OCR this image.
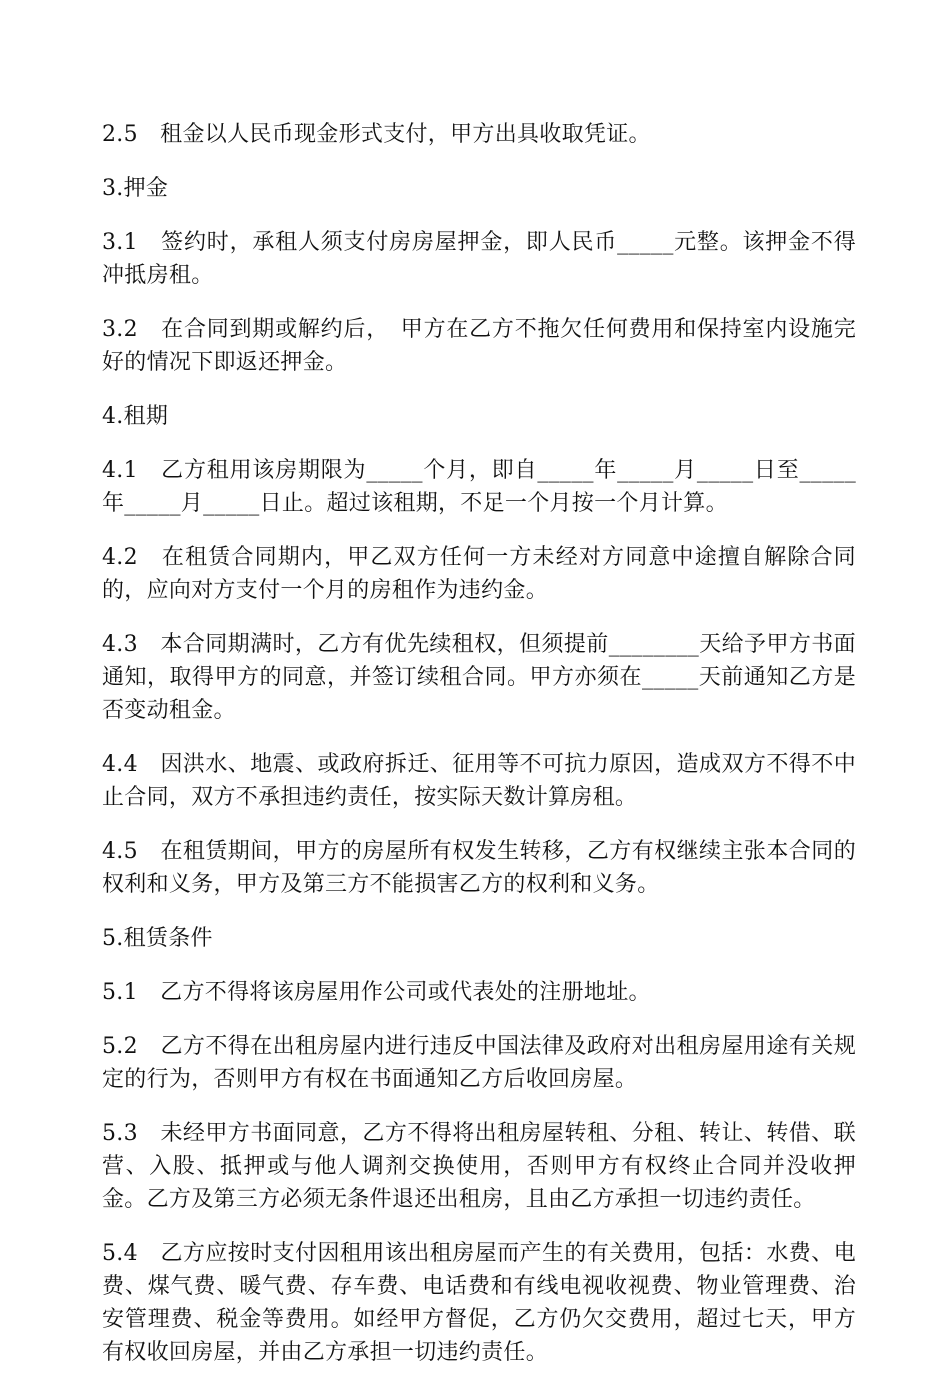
2.5　租金以人民币现金形式支付，甲方出具收取凭证。

3.押金

3.1　签约时，承租人须支付房房屋押金，即人民币_____元整。该押金不得冲抵房租。

3.2　在合同到期或解约后，　甲方在乙方不拖欠任何费用和保持室内设施完好的情况下即返还押金。

4.租期

4.1　乙方租用该房期限为_____个月，即自_____年_____月_____日至_____年_____月_____日止。超过该租期，不足一个月按一个月计算。

4.2　在租赁合同期内，甲乙双方任何一方未经对方同意中途擅自解除合同的，应向对方支付一个月的房租作为违约金。

4.3　本合同期满时，乙方有优先续租权，但须提前________天给予甲方书面通知，取得甲方的同意，并签订续租合同。甲方亦须在_____天前通知乙方是否变动租金。

4.4　因洪水、地震、或政府拆迁、征用等不可抗力原因，造成双方不得不中止合同，双方不承担违约责任，按实际天数计算房租。

4.5　在租赁期间，甲方的房屋所有权发生转移，乙方有权继续主张本合同的权利和义务，甲方及第三方不能损害乙方的权利和义务。

5.租赁条件

5.1　乙方不得将该房屋用作公司或代表处的注册地址。

5.2　乙方不得在出租房屋内进行违反中国法律及政府对出租房屋用途有关规定的行为，否则甲方有权在书面通知乙方后收回房屋。

5.3　未经甲方书面同意，乙方不得将出租房屋转租、分租、转让、转借、联营、入股、抵押或与他人调剂交换使用，否则甲方有权终止合同并没收押金。乙方及第三方必须无条件退还出租房，且由乙方承担一切违约责任。

5.4　乙方应按时支付因租用该出租房屋而产生的有关费用，包括：水费、电费、煤气费、暖气费、存车费、电话费和有线电视收视费、物业管理费、治安管理费、税金等费用。如经甲方督促，乙方仍欠交费用，超过七天，甲方有权收回房屋，并由乙方承担一切违约责任。
